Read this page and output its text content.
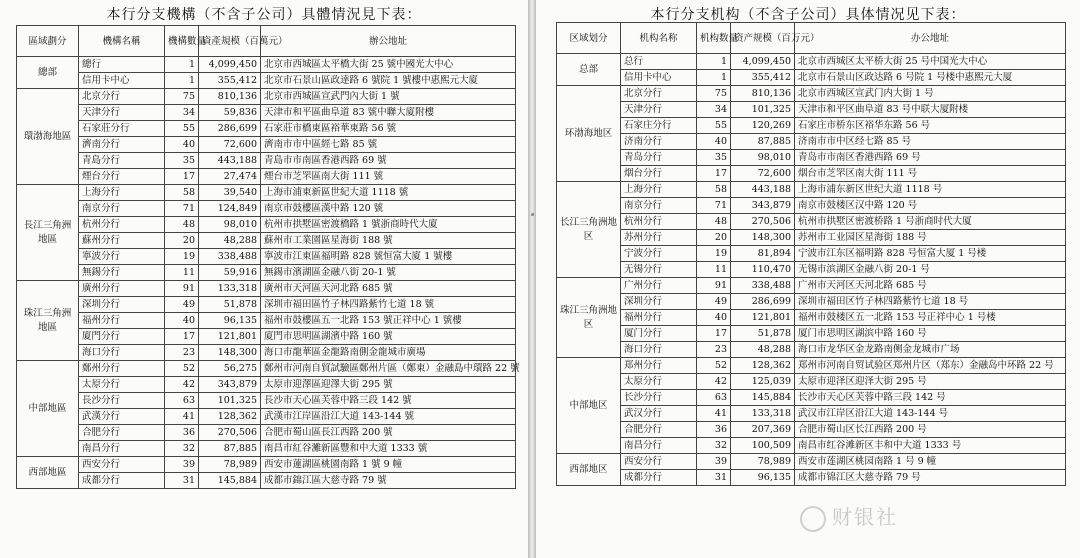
本行分支機構（不含子公司）具體情況見下表：
區域劃分	機構名稱	機構數量	資產規模（百萬元）	辦公地址
總部	總行	1	4,099,450	北京市西城區太平橋大街 25 號中國光大中心
	信用卡中心	1	355,412	北京市石景山區政達路 6 號院 1 號樓中惠熙元大廈
環渤海地區	北京分行	75	810,136	北京市西城區宣武門內大街 1 號
	天津分行	34	59,836	天津市和平區曲阜道 83 號中聯大廈附樓
	石家莊分行	55	286,699	石家莊市橋東區裕華東路 56 號
	濟南分行	40	72,600	濟南市市中區經七路 85 號
	青島分行	35	443,188	青島市市南區香港西路 69 號
	煙台分行	17	27,474	煙台市芝罘區南大街 111 號
長江三角洲地區	上海分行	58	39,540	上海市浦東新區世紀大道 1118 號
	南京分行	71	124,849	南京市鼓樓區漢中路 120 號
	杭州分行	48	98,010	杭州市拱墅區密渡橋路 1 號浙商時代大廈
	蘇州分行	20	48,288	蘇州市工業園區星海街 188 號
	寧波分行	19	338,488	寧波市江東區福明路 828 號恒富大廈 1 號樓
	無錫分行	11	59,916	無錫市濱湖區金融八街 20-1 號
珠江三角洲地區	廣州分行	91	133,318	廣州市天河區天河北路 685 號
	深圳分行	49	51,878	深圳市福田區竹子林四路紫竹七道 18 號
	福州分行	40	96,135	福州市鼓樓區五一北路 153 號正祥中心 1 號樓
	廈門分行	17	121,801	廈門市思明區湖濱中路 160 號
	海口分行	23	148,300	海口市龍華區金龍路南側金龍城市廣場
中部地區	鄭州分行	52	56,275	鄭州市河南自貿試驗區鄭州片區（鄭東）金融島中環路 22 號
	太原分行	42	343,879	太原市迎澤區迎澤大街 295 號
	長沙分行	63	101,325	長沙市天心區芙蓉中路三段 142 號
	武漢分行	41	128,362	武漢市江岸區沿江大道 143-144 號
	合肥分行	36	270,506	合肥市蜀山區長江西路 200 號
	南昌分行	32	87,885	南昌市紅谷灘新區豐和中大道 1333 號
西部地區	西安分行	39	78,989	西安市蓮湖區桃園南路 1 號 9 幢
	成都分行	31	145,884	成都市錦江區大慈寺路 79 號
本行分支机构（不含子公司）具体情况见下表：
区域划分	机构名称	机构数量	资产规模（百万元）	办公地址
总部	总行	1	4,099,450	北京市西城区太平桥大街 25 号中国光大中心
	信用卡中心	1	355,412	北京市石景山区政达路 6 号院 1 号楼中惠熙元大厦
环渤海地区	北京分行	75	810,136	北京市西城区宣武门内大街 1 号
	天津分行	34	101,325	天津市和平区曲阜道 83 号中联大厦附楼
	石家庄分行	55	120,269	石家庄市桥东区裕华东路 56 号
	济南分行	40	87,885	济南市市中区经七路 85 号
	青岛分行	35	98,010	青岛市市南区香港西路 69 号
	烟台分行	17	72,600	烟台市芝罘区南大街 111 号
长江三角洲地区	上海分行	58	443,188	上海市浦东新区世纪大道 1118 号
	南京分行	71	343,879	南京市鼓楼区汉中路 120 号
	杭州分行	48	270,506	杭州市拱墅区密渡桥路 1 号浙商时代大厦
	苏州分行	20	148,300	苏州市工业园区星海街 188 号
	宁波分行	19	81,894	宁波市江东区福明路 828 号恒富大厦 1 号楼
	无锡分行	11	110,470	无锡市滨湖区金融八街 20-1 号
珠江三角洲地区	广州分行	91	338,488	广州市天河区天河北路 685 号
	深圳分行	49	286,699	深圳市福田区竹子林四路紫竹七道 18 号
	福州分行	40	121,801	福州市鼓楼区五一北路 153 号正祥中心 1 号楼
	厦门分行	17	51,878	厦门市思明区湖滨中路 160 号
	海口分行	23	48,288	海口市龙华区金龙路南侧金龙城市广场
中部地区	郑州分行	52	128,362	郑州市河南自贸试验区郑州片区（郑东）金融岛中环路 22 号
	太原分行	42	125,039	太原市迎泽区迎泽大街 295 号
	长沙分行	63	145,884	长沙市天心区芙蓉中路三段 142 号
	武汉分行	41	133,318	武汉市江岸区沿江大道 143-144 号
	合肥分行	36	207,369	合肥市蜀山区长江西路 200 号
	南昌分行	32	100,509	南昌市红谷滩新区丰和中大道 1333 号
西部地区	西安分行	39	78,989	西安市莲湖区桃园南路 1 号 9 幢
	成都分行	31	96,135	成都市锦江区大慈寺路 79 号
财银社
